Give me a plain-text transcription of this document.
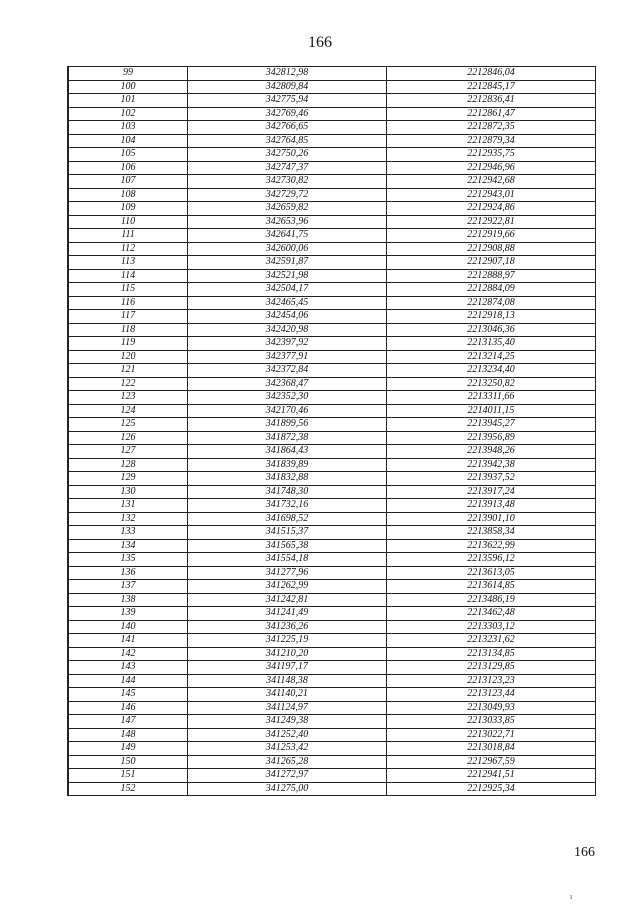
166
99	342812,98	2212846,04
100	342809,84	2212845,17
101	342775,94	2212836,41
102	342769,46	2212861,47
103	342766,65	2212872,35
104	342764,85	2212879,34
105	342750,26	2212935,75
106	342747,37	2212946,96
107	342730,82	2212942,68
108	342729,72	2212943,01
109	342659,82	2212924,86
110	342653,96	2212922,81
111	342641,75	2212919,66
112	342600,06	2212908,88
113	342591,87	2212907,18
114	342521,98	2212888,97
115	342504,17	2212884,09
116	342465,45	2212874,08
117	342454,06	2212918,13
118	342420,98	2213046,36
119	342397,92	2213135,40
120	342377,91	2213214,25
121	342372,84	2213234,40
122	342368,47	2213250,82
123	342352,30	2213311,66
124	342170,46	2214011,15
125	341899,56	2213945,27
126	341872,38	2213956,89
127	341864,43	2213948,26
128	341839,89	2213942,38
129	341832,88	2213937,52
130	341748,30	2213917,24
131	341732,16	2213913,48
132	341698,52	2213901,10
133	341515,37	2213858,34
134	341565,38	2213622,99
135	341554,18	2213596,12
136	341277,96	2213613,05
137	341262,99	2213614,85
138	341242,81	2213486,19
139	341241,49	2213462,48
140	341236,26	2213303,12
141	341225,19	2213231,62
142	341210,20	2213134,85
143	341197,17	2213129,85
144	341148,38	2213123,23
145	341140,21	2213123,44
146	341124,97	2213049,93
147	341249,38	2213033,85
148	341252,40	2213022,71
149	341253,42	2213018,84
150	341265,28	2212967,59
151	341272,97	2212941,51
152	341275,00	2212925,34
166
ı
